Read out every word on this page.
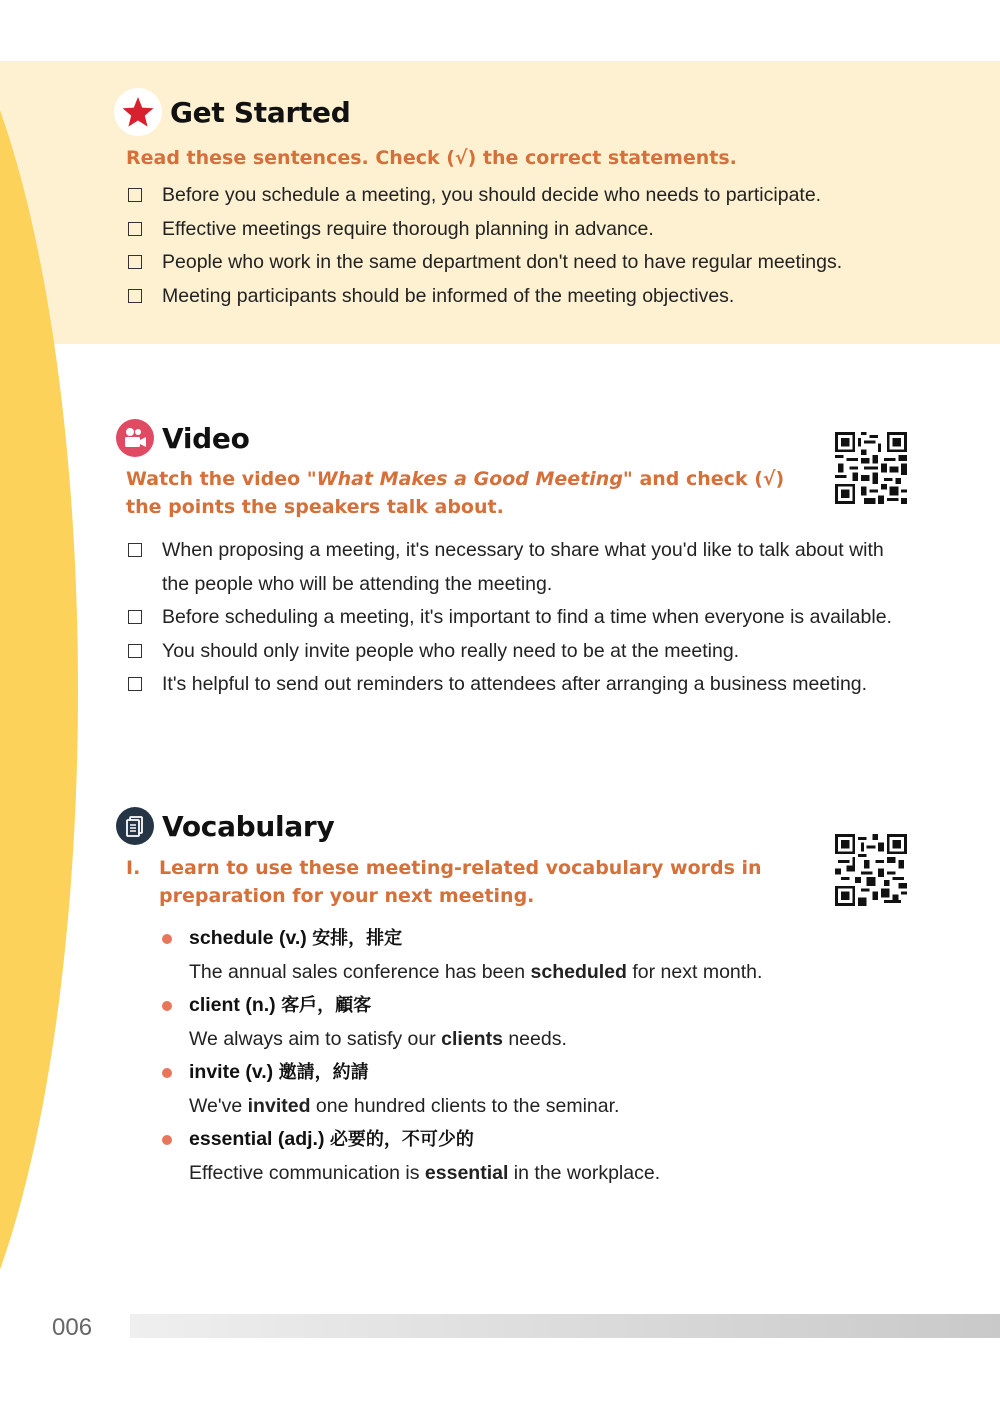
Get Started
Read these sentences. Check (√) the correct statements.
Before you schedule a meeting, you should decide who needs to participate.
Effective meetings require thorough planning in advance.
People who work in the same department don't need to have regular meetings.
Meeting participants should be informed of the meeting objectives.
Video
Watch the video "What Makes a Good Meeting" and check (√) the points the speakers talk about.
When proposing a meeting, it's necessary to share what you'd like to talk about with the people who will be attending the meeting.
Before scheduling a meeting, it's important to find a time when everyone is available.
You should only invite people who really need to be at the meeting.
It's helpful to send out reminders to attendees after arranging a business meeting.
Vocabulary
I. Learn to use these meeting-related vocabulary words in preparation for your next meeting.
schedule (v.) 安排，排定
The annual sales conference has been scheduled for next month.
client (n.) 客戶，顧客
We always aim to satisfy our clients needs.
invite (v.) 邀請，約請
We've invited one hundred clients to the seminar.
essential (adj.) 必要的，不可少的
Effective communication is essential in the workplace.
006
